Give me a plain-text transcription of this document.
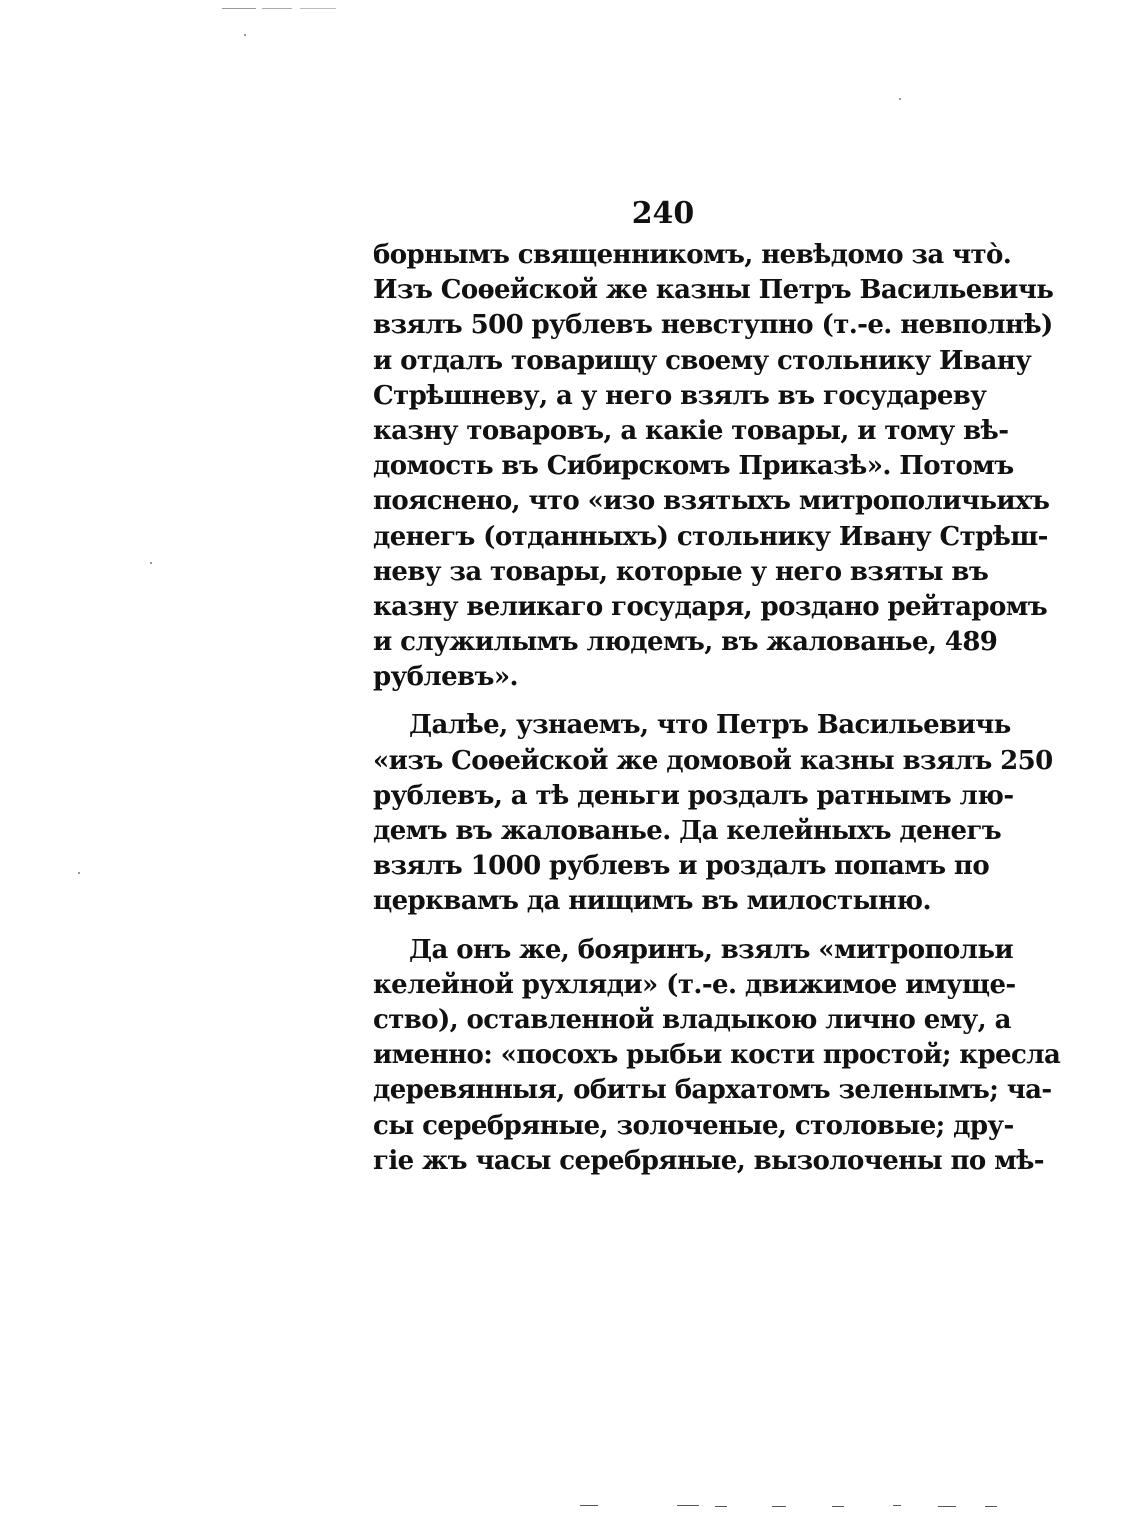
240
борнымъ священникомъ, невѣдомо за что̀.
Изъ Соѳейской же казны Петръ Васильевичь
взялъ 500 рублевъ невступно (т.-е. невполнѣ)
и отдалъ товарищу своему стольнику Ивану
Стрѣшневу, а у него взялъ въ государеву
казну товаровъ, а какіе товары, и тому вѣ-
домость въ Сибирскомъ Приказѣ». Потомъ
пояснено, что «изо взятыхъ митрополичьихъ
денегъ (отданныхъ) стольнику Ивану Стрѣш-
неву за товары, которые у него взяты въ
казну великаго государя, роздано рейтаромъ
и служилымъ людемъ, въ жалованье, 489
рублевъ».
Далѣе, узнаемъ, что Петръ Васильевичь
«изъ Соѳейской же домовой казны взялъ 250
рублевъ, а тѣ деньги роздалъ ратнымъ лю-
демъ въ жалованье. Да келейныхъ денегъ
взялъ 1000 рублевъ и роздалъ попамъ по
церквамъ да нищимъ въ милостыню.
Да онъ же, бояринъ, взялъ «митропольи
келейной рухляди» (т.-е. движимое имуще-
ство), оставленной владыкою лично ему, а
именно: «посохъ рыбьи кости простой; кресла
деревянныя, обиты бархатомъ зеленымъ; ча-
сы серебряные, золоченые, столовые; дру-
гіе жъ часы серебряные, вызолочены по мѣ-
